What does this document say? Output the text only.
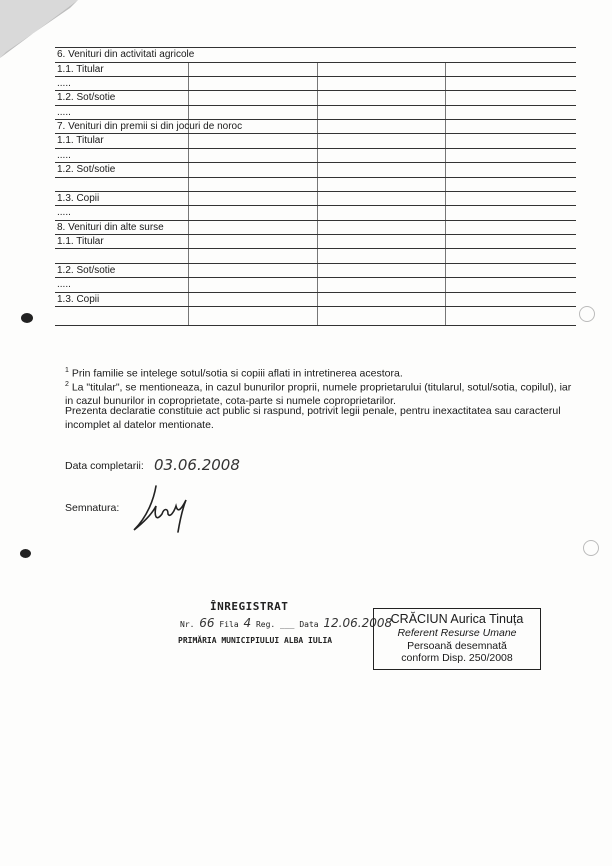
6. Venituri din activitati agricole
1.1. Titular
.....
1.2. Sot/sotie
.....
7. Venituri din premii si din jocuri de noroc
1.1. Titular
.....
1.2. Sot/sotie
1.3. Copii
.....
8. Venituri din alte surse
1.1. Titular
1.2. Sot/sotie
.....
1.3. Copii
$^1$ Prin familie se intelege sotul/sotia si copiii aflati in intretinerea acestora.
$^2$ La "titular", se mentioneaza, in cazul bunurilor proprii, numele proprietarului (titularul, sotul/sotia, copilul), iar in cazul bunurilor in coproprietate, cota-parte si numele coproprietarilor.
Prezenta declaratie constituie act public si raspund, potrivit legii penale, pentru inexactitatea sau caracterul incomplet al datelor mentionate.
Data completarii: 03.06.2008
Semnatura:
ÎNREGISTRAT
Nr. 66 Fila 4 Reg. ___ Data 12.06.2008
PRIMĂRIA MUNICIPIULUI ALBA IULIA
CRĂCIUN Aurica Tinuța
Referent Resurse Umane
Persoană desemnată
conform Disp. 250/2008
